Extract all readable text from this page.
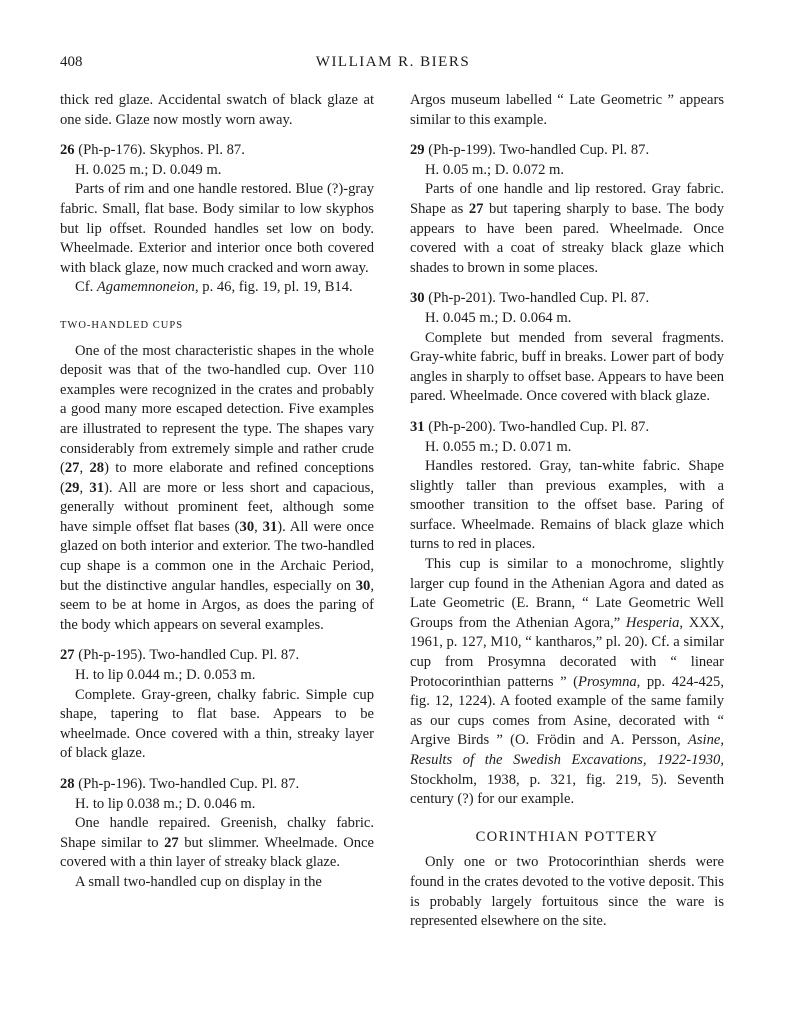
408	WILLIAM R. BIERS

thick red glaze. Accidental swatch of black glaze at one side. Glaze now mostly worn away.

26 (Ph-p-176). Skyphos. Pl. 87.

H. 0.025 m.; D. 0.049 m.

Parts of rim and one handle restored. Blue (?)-gray fabric. Small, flat base. Body similar to low skyphos but lip offset. Rounded handles set low on body. Wheelmade. Exterior and interior once both covered with black glaze, now much cracked and worn away.

Cf. Agamemnoneion, p. 46, fig. 19, pl. 19, B14.

TWO-HANDLED CUPS

One of the most characteristic shapes in the whole deposit was that of the two-handled cup. Over 110 examples were recognized in the crates and probably a good many more escaped detection. Five examples are illustrated to represent the type. The shapes vary considerably from extremely simple and rather crude (27, 28) to more elaborate and refined conceptions (29, 31). All are more or less short and capacious, generally without prominent feet, although some have simple offset flat bases (30, 31). All were once glazed on both interior and exterior. The two-handled cup shape is a common one in the Archaic Period, but the distinctive angular handles, especially on 30, seem to be at home in Argos, as does the paring of the body which appears on several examples.

27 (Ph-p-195). Two-handled Cup. Pl. 87.

H. to lip 0.044 m.; D. 0.053 m.

Complete. Gray-green, chalky fabric. Simple cup shape, tapering to flat base. Appears to be wheelmade. Once covered with a thin, streaky layer of black glaze.

28 (Ph-p-196). Two-handled Cup. Pl. 87.

H. to lip 0.038 m.; D. 0.046 m.

One handle repaired. Greenish, chalky fabric. Shape similar to 27 but slimmer. Wheelmade. Once covered with a thin layer of streaky black glaze.

A small two-handled cup on display in the

Argos museum labelled “ Late Geometric ” appears similar to this example.

29 (Ph-p-199). Two-handled Cup. Pl. 87.

H. 0.05 m.; D. 0.072 m.

Parts of one handle and lip restored. Gray fabric. Shape as 27 but tapering sharply to base. The body appears to have been pared. Wheelmade. Once covered with a coat of streaky black glaze which shades to brown in some places.

30 (Ph-p-201). Two-handled Cup. Pl. 87.

H. 0.045 m.; D. 0.064 m.

Complete but mended from several fragments. Gray-white fabric, buff in breaks. Lower part of body angles in sharply to offset base. Appears to have been pared. Wheelmade. Once covered with black glaze.

31 (Ph-p-200). Two-handled Cup. Pl. 87.

H. 0.055 m.; D. 0.071 m.

Handles restored. Gray, tan-white fabric. Shape slightly taller than previous examples, with a smoother transition to the offset base. Paring of surface. Wheelmade. Remains of black glaze which turns to red in places.

This cup is similar to a monochrome, slightly larger cup found in the Athenian Agora and dated as Late Geometric (E. Brann, “ Late Geometric Well Groups from the Athenian Agora,” Hesperia, XXX, 1961, p. 127, M10, “ kantharos,” pl. 20). Cf. a similar cup from Prosymna decorated with “ linear Protocorinthian patterns ” (Prosymna, pp. 424-425, fig. 12, 1224). A footed example of the same family as our cups comes from Asine, decorated with “ Argive Birds ” (O. Frödin and A. Persson, Asine, Results of the Swedish Excavations, 1922-1930, Stockholm, 1938, p. 321, fig. 219, 5). Seventh century (?) for our example.

CORINTHIAN POTTERY

Only one or two Protocorinthian sherds were found in the crates devoted to the votive deposit. This is probably largely fortuitous since the ware is represented elsewhere on the site.
